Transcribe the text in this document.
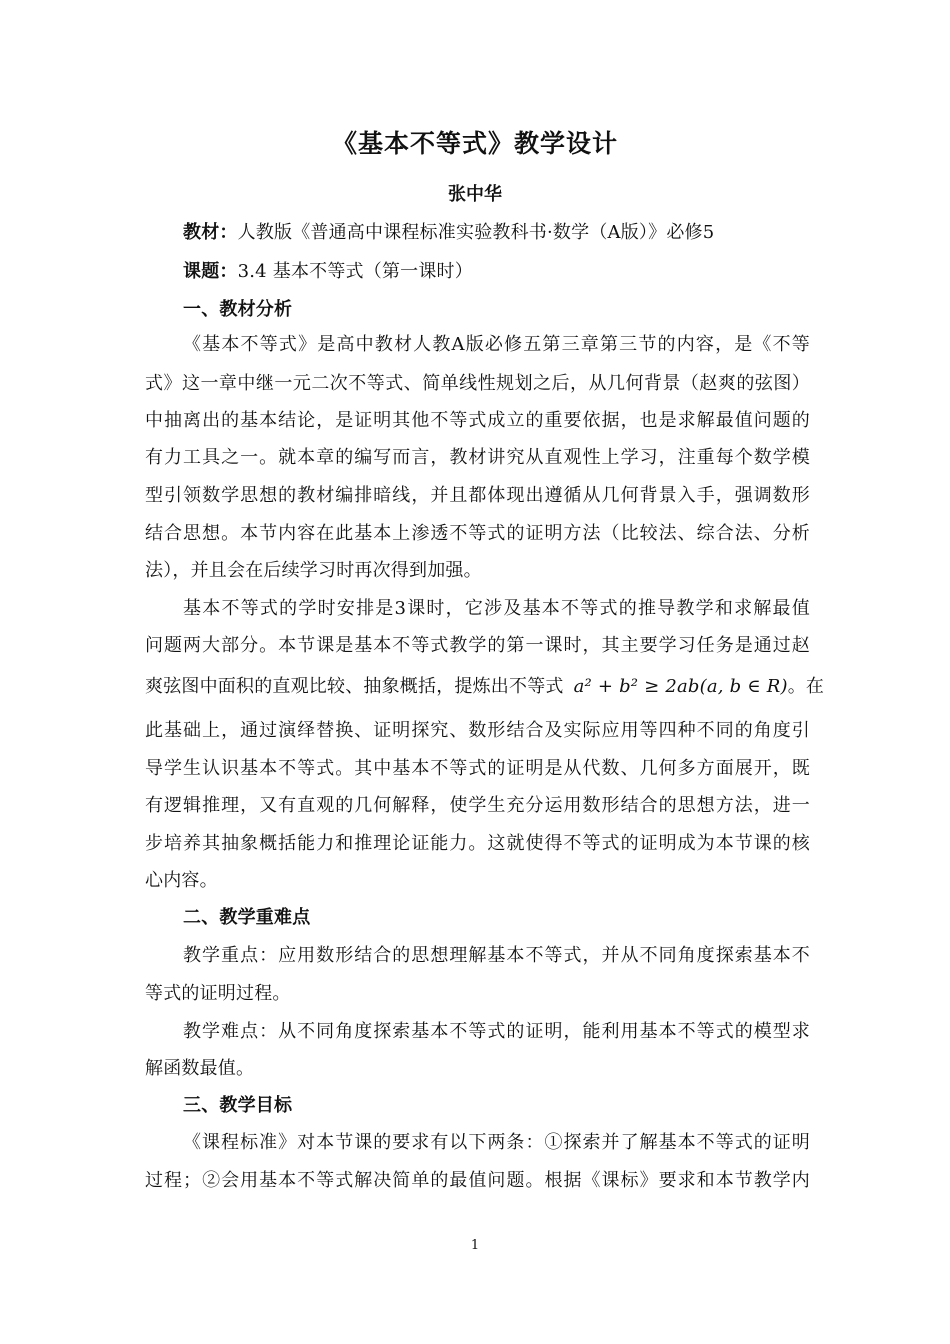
《基本不等式》教学设计
张中华
教材：人教版《普通高中课程标准实验教科书·数学（A版）》必修5
课题：3.4 基本不等式（第一课时）
一、教材分析
《基本不等式》是高中教材人教A版必修五第三章第三节的内容，是《不等
式》这一章中继一元二次不等式、简单线性规划之后，从几何背景（赵爽的弦图）
中抽离出的基本结论，是证明其他不等式成立的重要依据，也是求解最值问题的
有力工具之一。就本章的编写而言，教材讲究从直观性上学习，注重每个数学模
型引领数学思想的教材编排暗线，并且都体现出遵循从几何背景入手，强调数形
结合思想。本节内容在此基本上渗透不等式的证明方法（比较法、综合法、分析
法），并且会在后续学习时再次得到加强。
基本不等式的学时安排是3课时，它涉及基本不等式的推导教学和求解最值
问题两大部分。本节课是基本不等式教学的第一课时，其主要学习任务是通过赵
爽弦图中面积的直观比较、抽象概括，提炼出不等式 a² + b² ≥ 2ab(a, b ∈ R)。在
此基础上，通过演绎替换、证明探究、数形结合及实际应用等四种不同的角度引
导学生认识基本不等式。其中基本不等式的证明是从代数、几何多方面展开，既
有逻辑推理，又有直观的几何解释，使学生充分运用数形结合的思想方法，进一
步培养其抽象概括能力和推理论证能力。这就使得不等式的证明成为本节课的核
心内容。
二、教学重难点
教学重点：应用数形结合的思想理解基本不等式，并从不同角度探索基本不
等式的证明过程。
教学难点：从不同角度探索基本不等式的证明，能利用基本不等式的模型求
解函数最值。
三、教学目标
《课程标准》对本节课的要求有以下两条：①探索并了解基本不等式的证明
过程；②会用基本不等式解决简单的最值问题。根据《课标》要求和本节教学内
1
